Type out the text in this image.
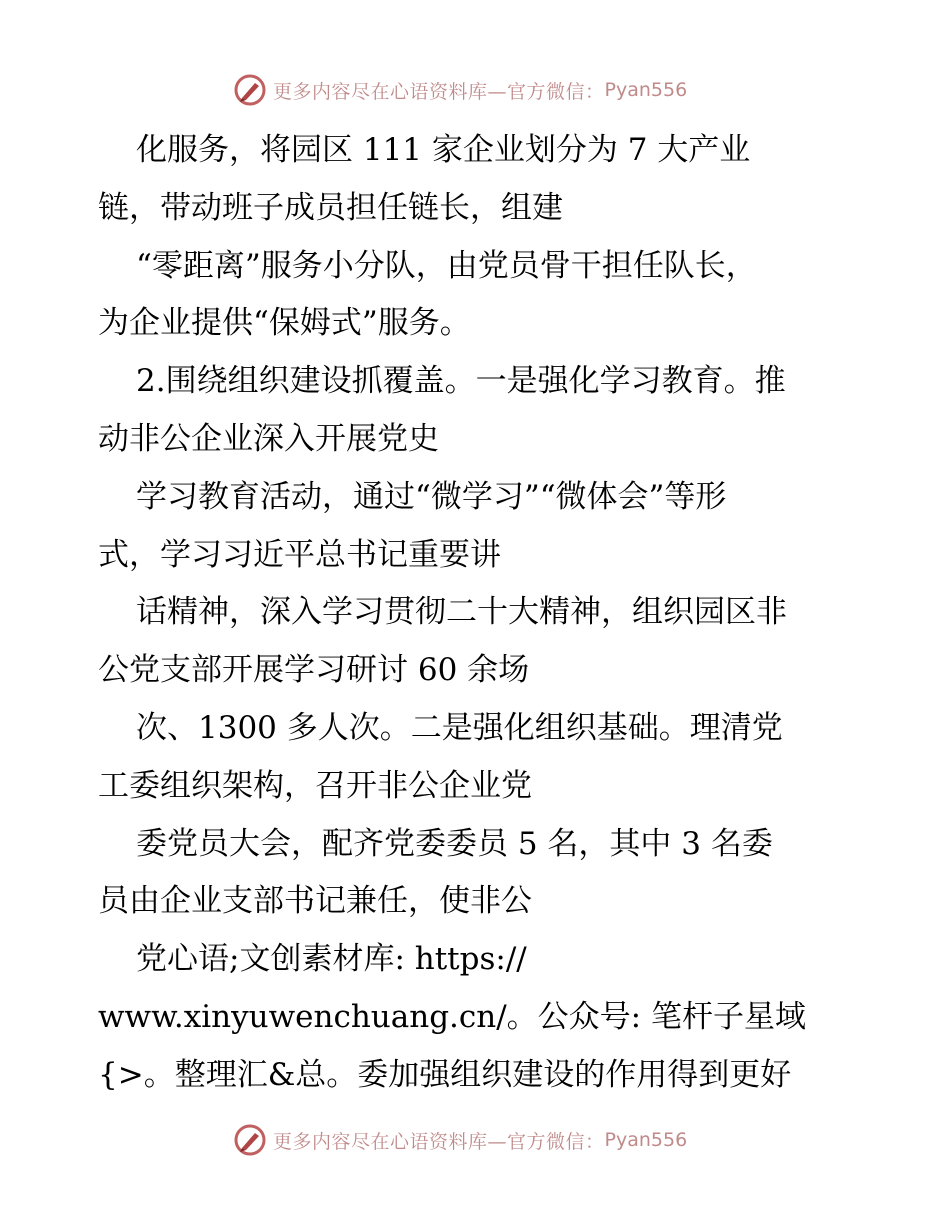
更多内容尽在心语资料库—官方微信： Pyan556
化服务，将园区 111 家企业划分为 7 大产业
链，带动班子成员担任链长，组建
“零距离”服务小分队，由党员骨干担任队长，
为企业提供“保姆式”服务。
2.围绕组织建设抓覆盖。一是强化学习教育。推
动非公企业深入开展党史
学习教育活动，通过“微学习”“微体会”等形
式，学习习近平总书记重要讲
话精神，深入学习贯彻二十大精神，组织园区非
公党支部开展学习研讨 60 余场
次、1300 多人次。二是强化组织基础。理清党
工委组织架构，召开非公企业党
委党员大会，配齐党委委员 5 名，其中 3 名委
员由企业支部书记兼任，使非公
党心语;文创素材库: https://
www.xinyuwenchuang.cn/。公众号: 笔杆子星域
{>。整理汇&总。委加强组织建设的作用得到更好
更多内容尽在心语资料库—官方微信： Pyan556
